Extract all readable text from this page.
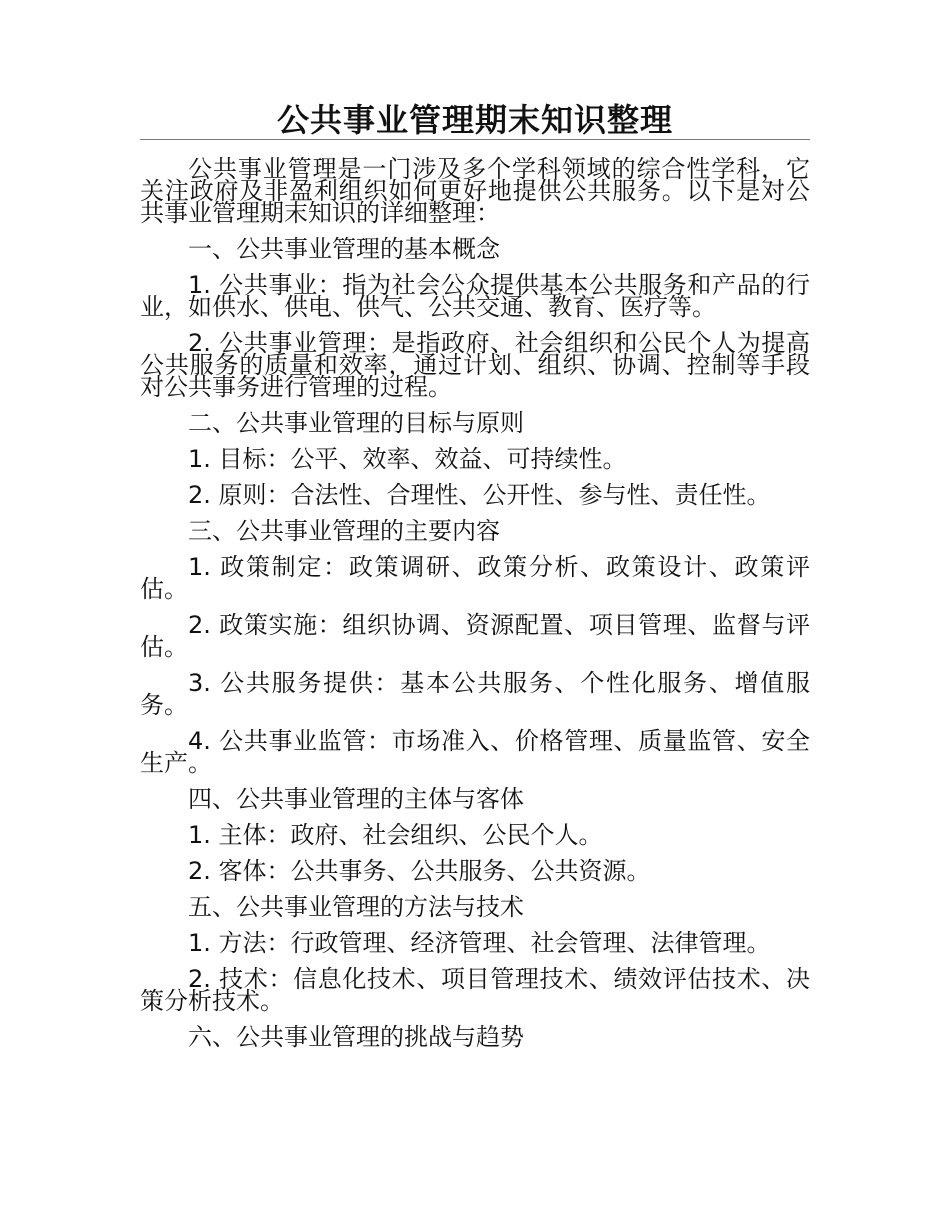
公共事业管理期末知识整理

公共事业管理是一门涉及多个学科领域的综合性学科，它关注政府及非盈利组织如何更好地提供公共服务。以下是对公共事业管理期末知识的详细整理：

一、公共事业管理的基本概念

1. 公共事业：指为社会公众提供基本公共服务和产品的行业，如供水、供电、供气、公共交通、教育、医疗等。

2. 公共事业管理：是指政府、社会组织和公民个人为提高公共服务的质量和效率，通过计划、组织、协调、控制等手段对公共事务进行管理的过程。

二、公共事业管理的目标与原则

1. 目标：公平、效率、效益、可持续性。

2. 原则：合法性、合理性、公开性、参与性、责任性。

三、公共事业管理的主要内容

1. 政策制定：政策调研、政策分析、政策设计、政策评估。

2. 政策实施：组织协调、资源配置、项目管理、监督与评估。

3. 公共服务提供：基本公共服务、个性化服务、增值服务。

4. 公共事业监管：市场准入、价格管理、质量监管、安全生产。

四、公共事业管理的主体与客体

1. 主体：政府、社会组织、公民个人。

2. 客体：公共事务、公共服务、公共资源。

五、公共事业管理的方法与技术

1. 方法：行政管理、经济管理、社会管理、法律管理。

2. 技术：信息化技术、项目管理技术、绩效评估技术、决策分析技术。

六、公共事业管理的挑战与趋势
